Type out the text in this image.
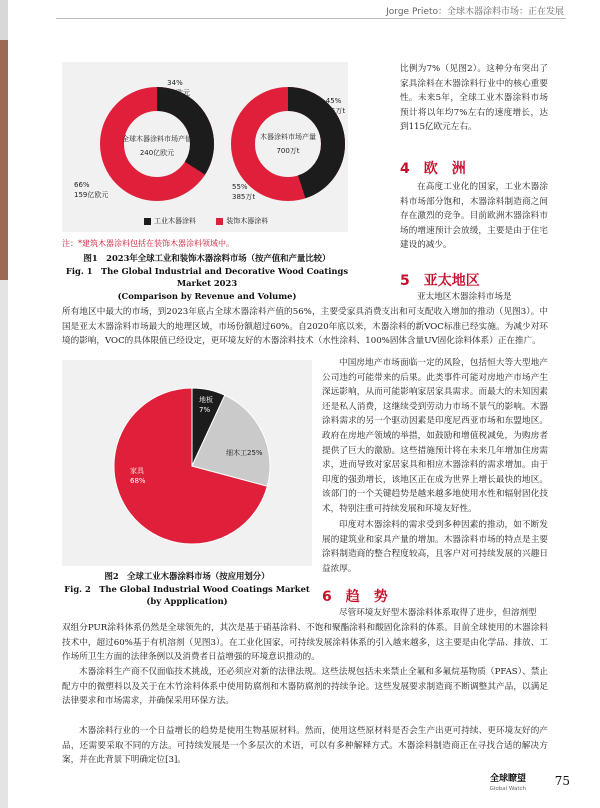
Jorge Prieto：全球木器涂料市场：正在发展
34%
81亿欧元
66%
159亿欧元
全球木器涂料市场产值
240亿欧元
45%
315万t
55%
385万t
木器涂料市场产量
700万t
工业木器涂料	装饰木器涂料
注：*建筑木器涂料包括在装饰木器涂料领域中。
图1　2023年全球工业和装饰木器涂料市场（按产值和产量比较）
Fig. 1　The Global Industrial and Decorative Wood Coatings Market 2023
(Comparison by Revenue and Volume)
比例为7%（见图2）。这种分布突出了家具涂料在木器涂料行业中的核心重要性。未来5年，全球工业木器涂料市场预计将以年均7%左右的速度增长，达到115亿欧元左右。
4　欧　洲
在高度工业化的国家，工业木器涂料市场部分饱和，木器涂料制造商之间存在激烈的竞争。目前欧洲木器涂料市场的增速预计会放缓，主要是由于住宅建设的减少。
5　亚太地区
亚太地区木器涂料市场是
所有地区中最大的市场，到2023年底占全球木器涂料产值的56%，主要受家具消费支出和可支配收入增加的推动（见图3）。中国是亚太木器涂料市场最大的地理区域，市场份额超过60%。自2020年底以来，木器涂料的新VOC标准已经实施。为减少对环境的影响，VOC的具体限值已经设定，更环境友好的木器涂料技术（水性涂料、100%固体含量UV固化涂料体系）正在推广。
地板
7%
细木工25%
家具
68%
图2　全球工业木器涂料市场（按应用划分）
Fig. 2　The Global Industrial Wood Coatings Market
(by Appplication)
中国房地产市场面临一定的风险，包括恒大等大型地产公司违约可能带来的后果。此类事件可能对房地产市场产生深远影响，从而可能影响家居家具需求。而最大的未知因素还是私人消费，这继续受到劳动力市场不景气的影响。木器涂料需求的另一个驱动因素是印度尼西亚市场和东盟地区。政府在房地产领域的举措，如鼓励和增值税减免，为购房者提供了巨大的激励。这些措施预计将在未来几年增加住房需求，进而导致对家居家具和相应木器涂料的需求增加。由于印度的强劲增长，该地区正在成为世界上增长最快的地区。该部门的一个关键趋势是越来越多地使用水性和辐射固化技术，特别注重可持续发展和环境友好性。
印度对木器涂料的需求受到多种因素的推动，如不断发展的建筑业和家具产量的增加。木器涂料市场的特点是主要涂料制造商的整合程度较高，且客户对可持续发展的兴趣日益浓厚。
6　趋　势
尽管环境友好型木器涂料体系取得了进步，但溶剂型
双组分PUR涂料体系仍然是全球领先的，其次是基于硝基涂料、不饱和聚酯涂料和酸固化涂料的体系。目前全球使用的木器涂料技术中，超过60%基于有机溶剂（见图3）。在工业化国家，可持续发展涂料体系的引入越来越多，这主要是由化学品、排放、工作场所卫生方面的法律条例以及消费者日益增强的环境意识推动的。
木器涂料生产商不仅面临技术挑战，还必须应对新的法律法规。这些法规包括未来禁止全氟和多氟烷基物质（PFAS）、禁止配方中的微塑料以及关于在木竹涂料体系中使用防腐剂和木器防腐剂的持续争论。这些发展要求制造商不断调整其产品，以满足法律要求和市场需求，并确保采用环保方法。
木器涂料行业的一个日益增长的趋势是使用生物基原材料。然而，使用这些原材料是否会生产出更可持续、更环境友好的产品，还需要采取不同的方法。可持续发展是一个多层次的术语，可以有多种解释方式。木器涂料制造商正在寻找合适的解决方案，并在此背景下明确定位[3]。
全球瞭望
Global Watch
75
